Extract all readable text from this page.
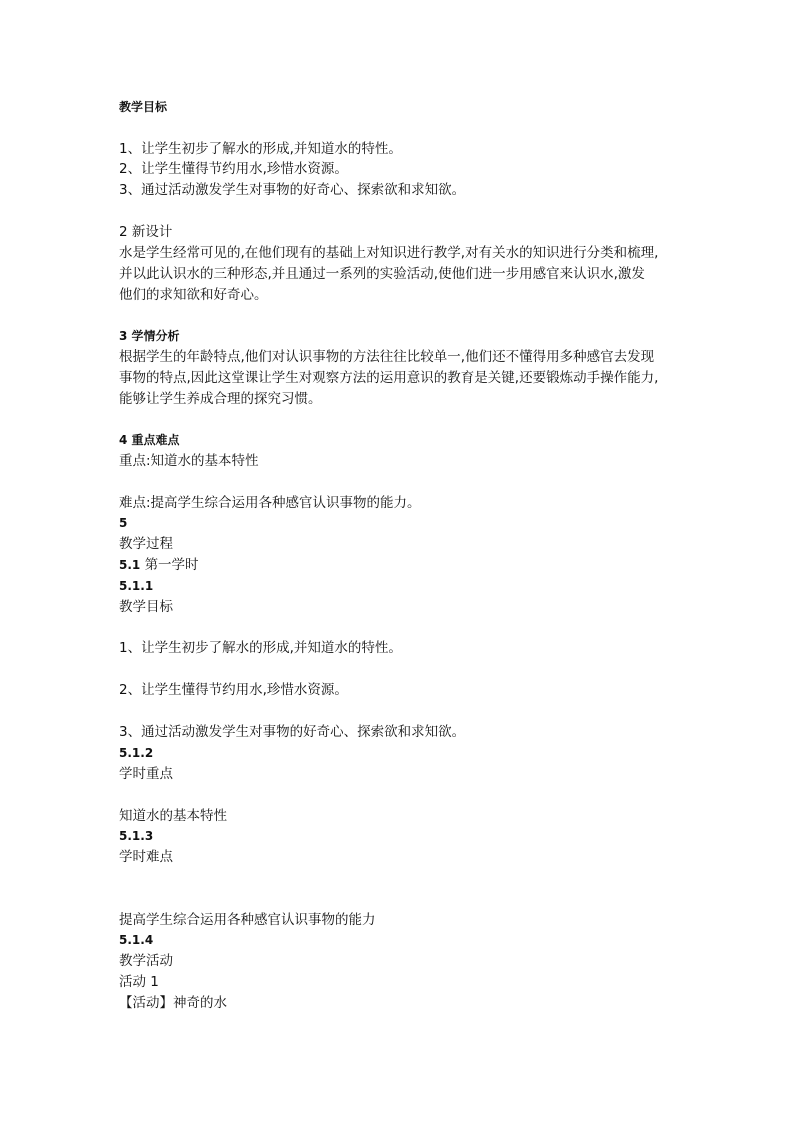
教学目标
1、让学生初步了解水的形成,并知道水的特性。
2、让学生懂得节约用水,珍惜水资源。
3、通过活动激发学生对事物的好奇心、探索欲和求知欲。
2 新设计
水是学生经常可见的,在他们现有的基础上对知识进行教学,对有关水的知识进行分类和梳理,
并以此认识水的三种形态,并且通过一系列的实验活动,使他们进一步用感官来认识水,激发
他们的求知欲和好奇心。
3 学情分析
根据学生的年龄特点,他们对认识事物的方法往往比较单一,他们还不懂得用多种感官去发现
事物的特点,因此这堂课让学生对观察方法的运用意识的教育是关键,还要锻炼动手操作能力,
能够让学生养成合理的探究习惯。
4 重点难点
重点:知道水的基本特性
难点:提高学生综合运用各种感官认识事物的能力。
5
教学过程
5.1 第一学时
5.1.1
教学目标
1、让学生初步了解水的形成,并知道水的特性。
2、让学生懂得节约用水,珍惜水资源。
3、通过活动激发学生对事物的好奇心、探索欲和求知欲。
5.1.2
学时重点
知道水的基本特性
5.1.3
学时难点
提高学生综合运用各种感官认识事物的能力
5.1.4
教学活动
活动 1
【活动】神奇的水
